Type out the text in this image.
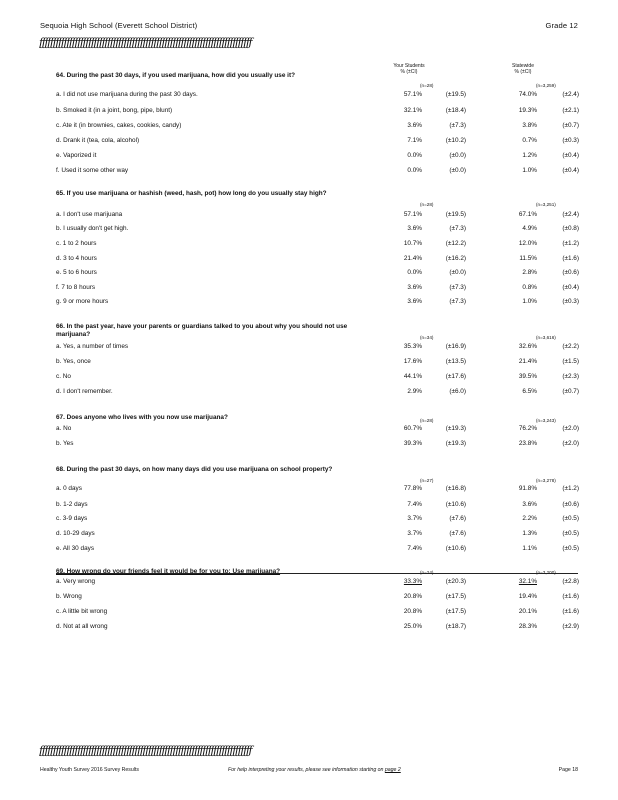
Sequoia High School (Everett School District)	Grade 12
ƒƒƒƒƒƒƒƒƒƒƒƒƒƒƒƒƒƒƒƒƒƒƒƒƒƒƒƒƒƒƒƒƒƒƒƒƒƒƒƒƒƒƒƒƒƒƒƒƒƒƒƒƒƒƒƒƒƒƒƒƒƒƒƒƒƒƒƒƒƒƒƒƒƒƒƒƒƒ
Your Students
% (±CI)
Statewide
% (±CI)
64. During the past 30 days, if you used marijuana, how did you usually use it?
(n=28)	(n=3,259)
a. I did not use marijuana during the past 30 days.	57.1%	(±19.5)	74.0%	(±2.4)
b. Smoked it (in a joint, bong, pipe, blunt)	32.1%	(±18.4)	19.3%	(±2.1)
c. Ate it (in brownies, cakes, cookies, candy)	3.6%	(±7.3)	3.8%	(±0.7)
d. Drank it (tea, cola, alcohol)	7.1%	(±10.2)	0.7%	(±0.3)
e. Vaporized it	0.0%	(±0.0)	1.2%	(±0.4)
f. Used it some other way	0.0%	(±0.0)	1.0%	(±0.4)
65. If you use marijuana or hashish (weed, hash, pot) how long do you usually stay high?
(n=28)	(n=3,251)
a. I don't use marijuana	57.1%	(±19.5)	67.1%	(±2.4)
b. I usually don't get high.	3.6%	(±7.3)	4.9%	(±0.8)
c. 1 to 2 hours	10.7%	(±12.2)	12.0%	(±1.2)
d. 3 to 4 hours	21.4%	(±16.2)	11.5%	(±1.6)
e. 5 to 6 hours	0.0%	(±0.0)	2.8%	(±0.6)
f. 7 to 8 hours	3.6%	(±7.3)	0.8%	(±0.4)
g. 9 or more hours	3.6%	(±7.3)	1.0%	(±0.3)
66. In the past year, have your parents or guardians talked to you about why you should not use marijuana?	(n=34)	(n=3,616)
a. Yes, a number of times	35.3%	(±16.9)	32.6%	(±2.2)
b. Yes, once	17.6%	(±13.5)	21.4%	(±1.5)
c. No	44.1%	(±17.6)	39.5%	(±2.3)
d. I don't remember.	2.9%	(±6.0)	6.5%	(±0.7)
67. Does anyone who lives with you now use marijuana?	(n=28)	(n=3,243)
a. No	60.7%	(±19.3)	76.2%	(±2.0)
b. Yes	39.3%	(±19.3)	23.8%	(±2.0)
68. During the past 30 days, on how many days did you use marijuana on school property?
(n=27)	(n=3,278)
a. 0 days	77.8%	(±16.8)	91.8%	(±1.2)
b. 1-2 days	7.4%	(±10.6)	3.6%	(±0.6)
c. 3-9 days	3.7%	(±7.6)	2.2%	(±0.5)
d. 10-29 days	3.7%	(±7.6)	1.3%	(±0.5)
e. All 30 days	7.4%	(±10.6)	1.1%	(±0.5)
69. How wrong do your friends feel it would be for you to: Use marijuana?	(n=24)	(n=3,200)
a. Very wrong	33.3%	(±20.3)	32.1%	(±2.8)
b. Wrong	20.8%	(±17.5)	19.4%	(±1.6)
c. A little bit wrong	20.8%	(±17.5)	20.1%	(±1.6)
d. Not at all wrong	25.0%	(±18.7)	28.3%	(±2.9)
ƒƒƒƒƒƒƒƒƒƒƒƒƒƒƒƒƒƒƒƒƒƒƒƒƒƒƒƒƒƒƒƒƒƒƒƒƒƒƒƒƒƒƒƒƒƒƒƒƒƒƒƒƒƒƒƒƒƒƒƒƒƒƒƒƒƒƒƒƒƒƒƒƒƒƒƒƒƒ
Healthy Youth Survey 2016 Survey Results	For help interpreting your results, please see information starting on page 2	Page 18
